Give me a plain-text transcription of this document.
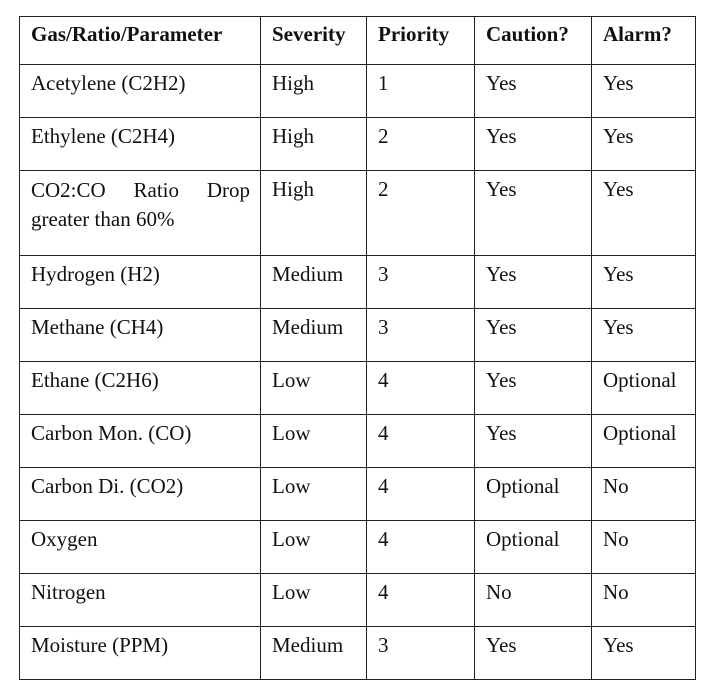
Gas/Ratio/Parameter	Severity	Priority	Caution?	Alarm?
Acetylene (C2H2)	High	1	Yes	Yes
Ethylene (C2H4)	High	2	Yes	Yes

CO2:CO Ratio Drop
greater than 60%	High	2	Yes	Yes
Hydrogen (H2)	Medium	3	Yes	Yes
Methane (CH4)	Medium	3	Yes	Yes
Ethane (C2H6)	Low	4	Yes	Optional
Carbon Mon. (CO)	Low	4	Yes	Optional
Carbon Di. (CO2)	Low	4	Optional	No
Oxygen	Low	4	Optional	No
Nitrogen	Low	4	No	No
Moisture (PPM)	Medium	3	Yes	Yes
